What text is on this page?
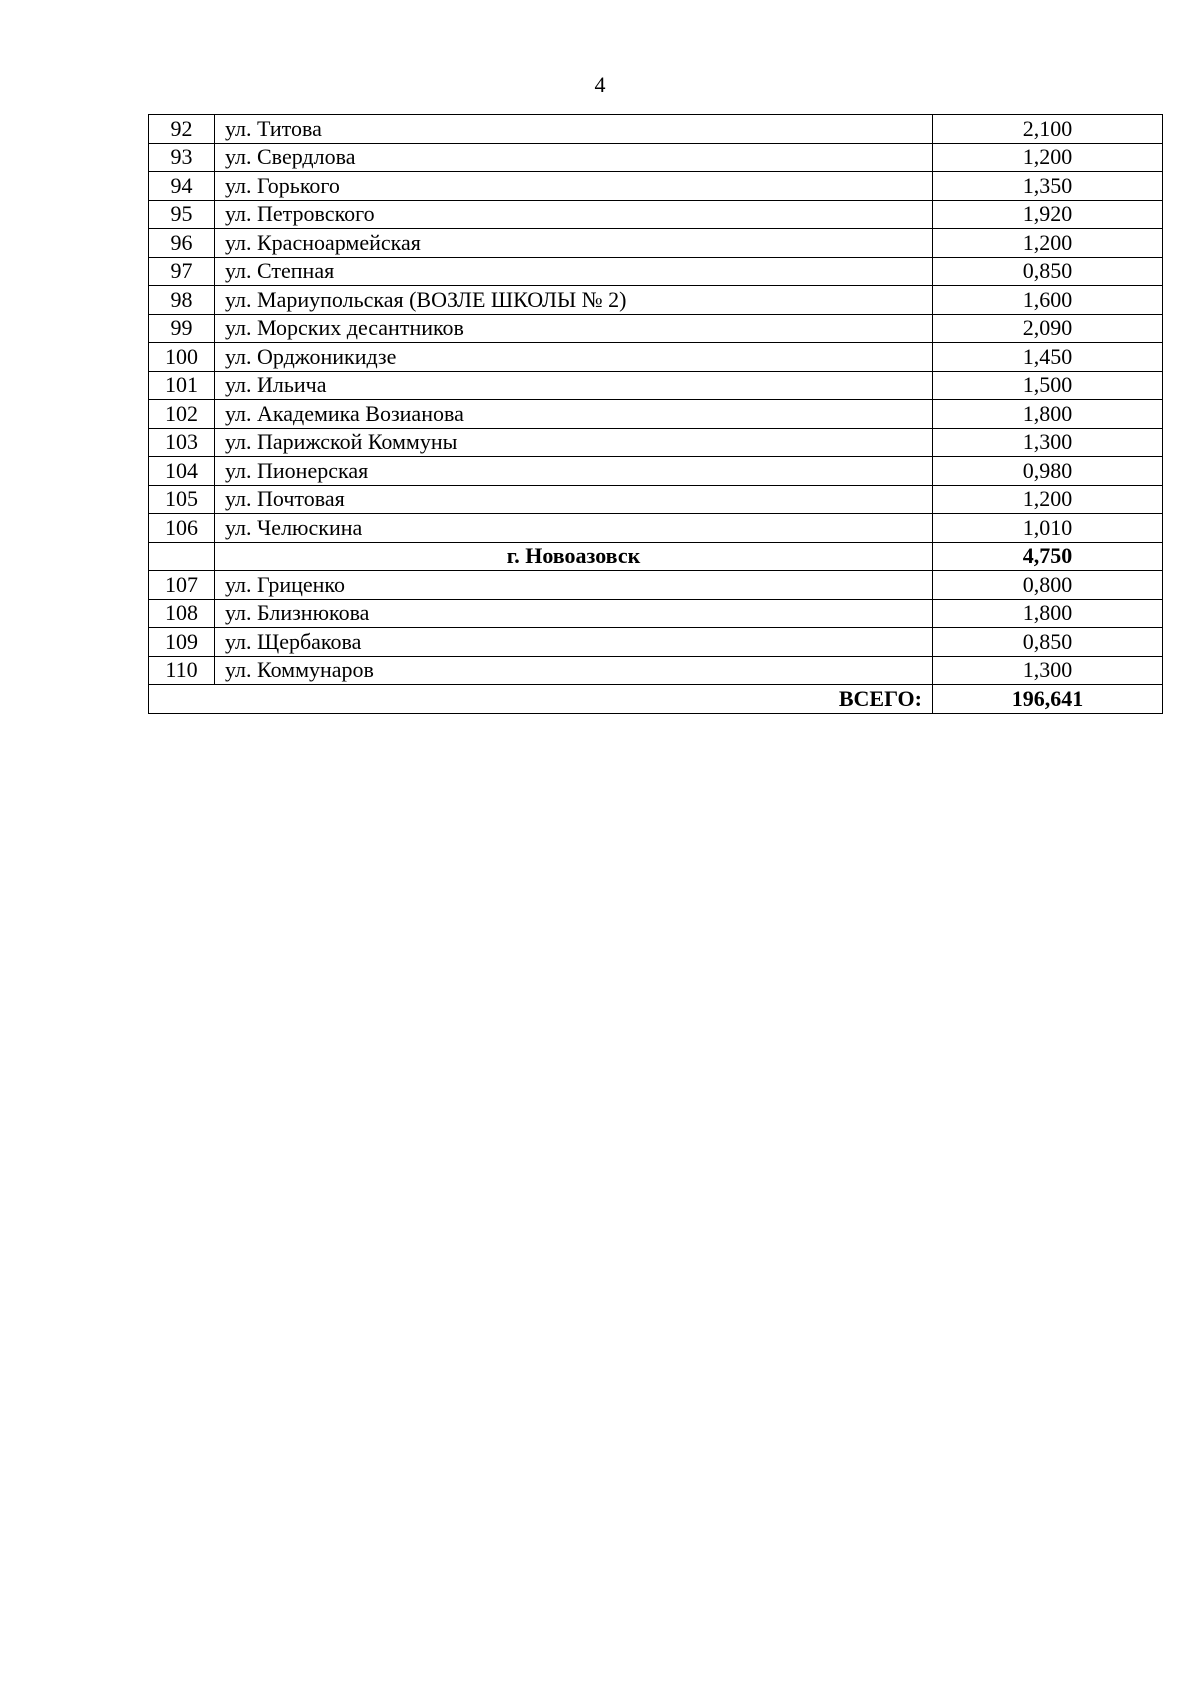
4
92	ул. Титова	2,100
93	ул. Свердлова	1,200
94	ул. Горького	1,350
95	ул. Петровского	1,920
96	ул. Красноармейская	1,200
97	ул. Степная	0,850
98	ул. Мариупольская (ВОЗЛЕ ШКОЛЫ № 2)	1,600
99	ул. Морских десантников	2,090
100	ул. Орджоникидзе	1,450
101	ул. Ильича	1,500
102	ул. Академика Возианова	1,800
103	ул. Парижской Коммуны	1,300
104	ул. Пионерская	0,980
105	ул. Почтовая	1,200
106	ул. Челюскина	1,010
	г. Новоазовск	4,750
107	ул. Гриценко	0,800
108	ул. Близнюкова	1,800
109	ул. Щербакова	0,850
110	ул. Коммунаров	1,300
ВСЕГО:		196,641
